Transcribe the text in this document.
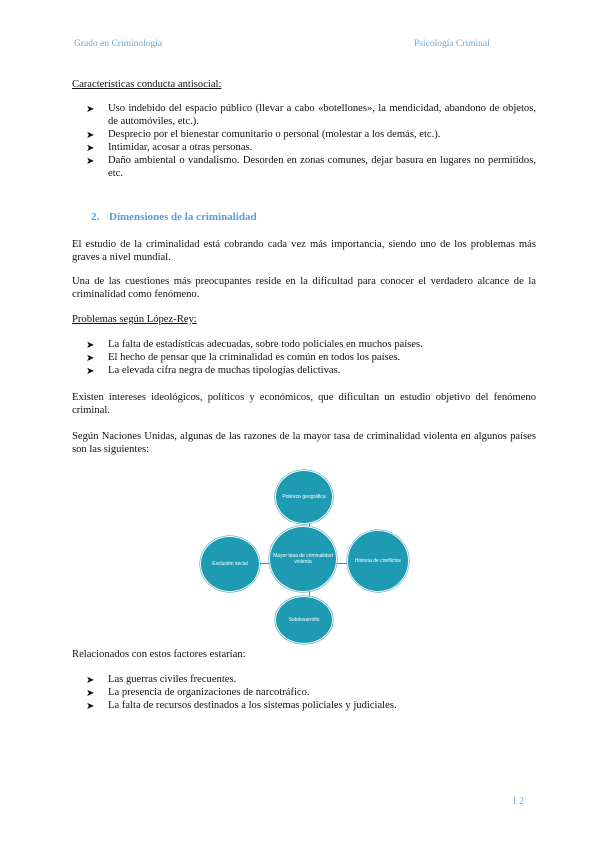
Grado en Criminología	Psicología Criminal
Características conducta antisocial:
➤ Uso indebido del espacio público (llevar a cabo «botellones», la mendicidad, abandono de objetos, de automóviles, etc.).
➤ Desprecio por el bienestar comunitario o personal (molestar a los demás, etc.).
➤ Intimidar, acosar a otras personas.
➤ Daño ambiental o vandalismo. Desorden en zonas comunes, dejar basura en lugares no permitidos, etc.
2. Dimensiones de la criminalidad
El estudio de la criminalidad está cobrando cada vez más importancia, siendo uno de los problemas más graves a nivel mundial.
Una de las cuestiones más preocupantes reside en la dificultad para conocer el verdadero alcance de la criminalidad como fenómeno.
Problemas según López-Rey:
➤ La falta de estadísticas adecuadas, sobre todo policiales en muchos países.
➤ El hecho de pensar que la criminalidad es común en todos los países.
➤ La elevada cifra negra de muchas tipologías delictivas.
Existen intereses ideológicos, políticos y económicos, que dificultan un estudio objetivo del fenómeno criminal.
Según Naciones Unidas, algunas de las razones de la mayor tasa de criminalidad violenta en algunos países son las siguientes:
Pobreza geográfica
Historia de conflictos
Subdesarrollo
Exclusión social
Mayor tasa de criminalidad violenta
Relacionados con estos factores estarían:
➤ Las guerras civiles frecuentes.
➤ La presencia de organizaciones de narcotráfico.
➤ La falta de recursos destinados a los sistemas policiales y judiciales.
12
